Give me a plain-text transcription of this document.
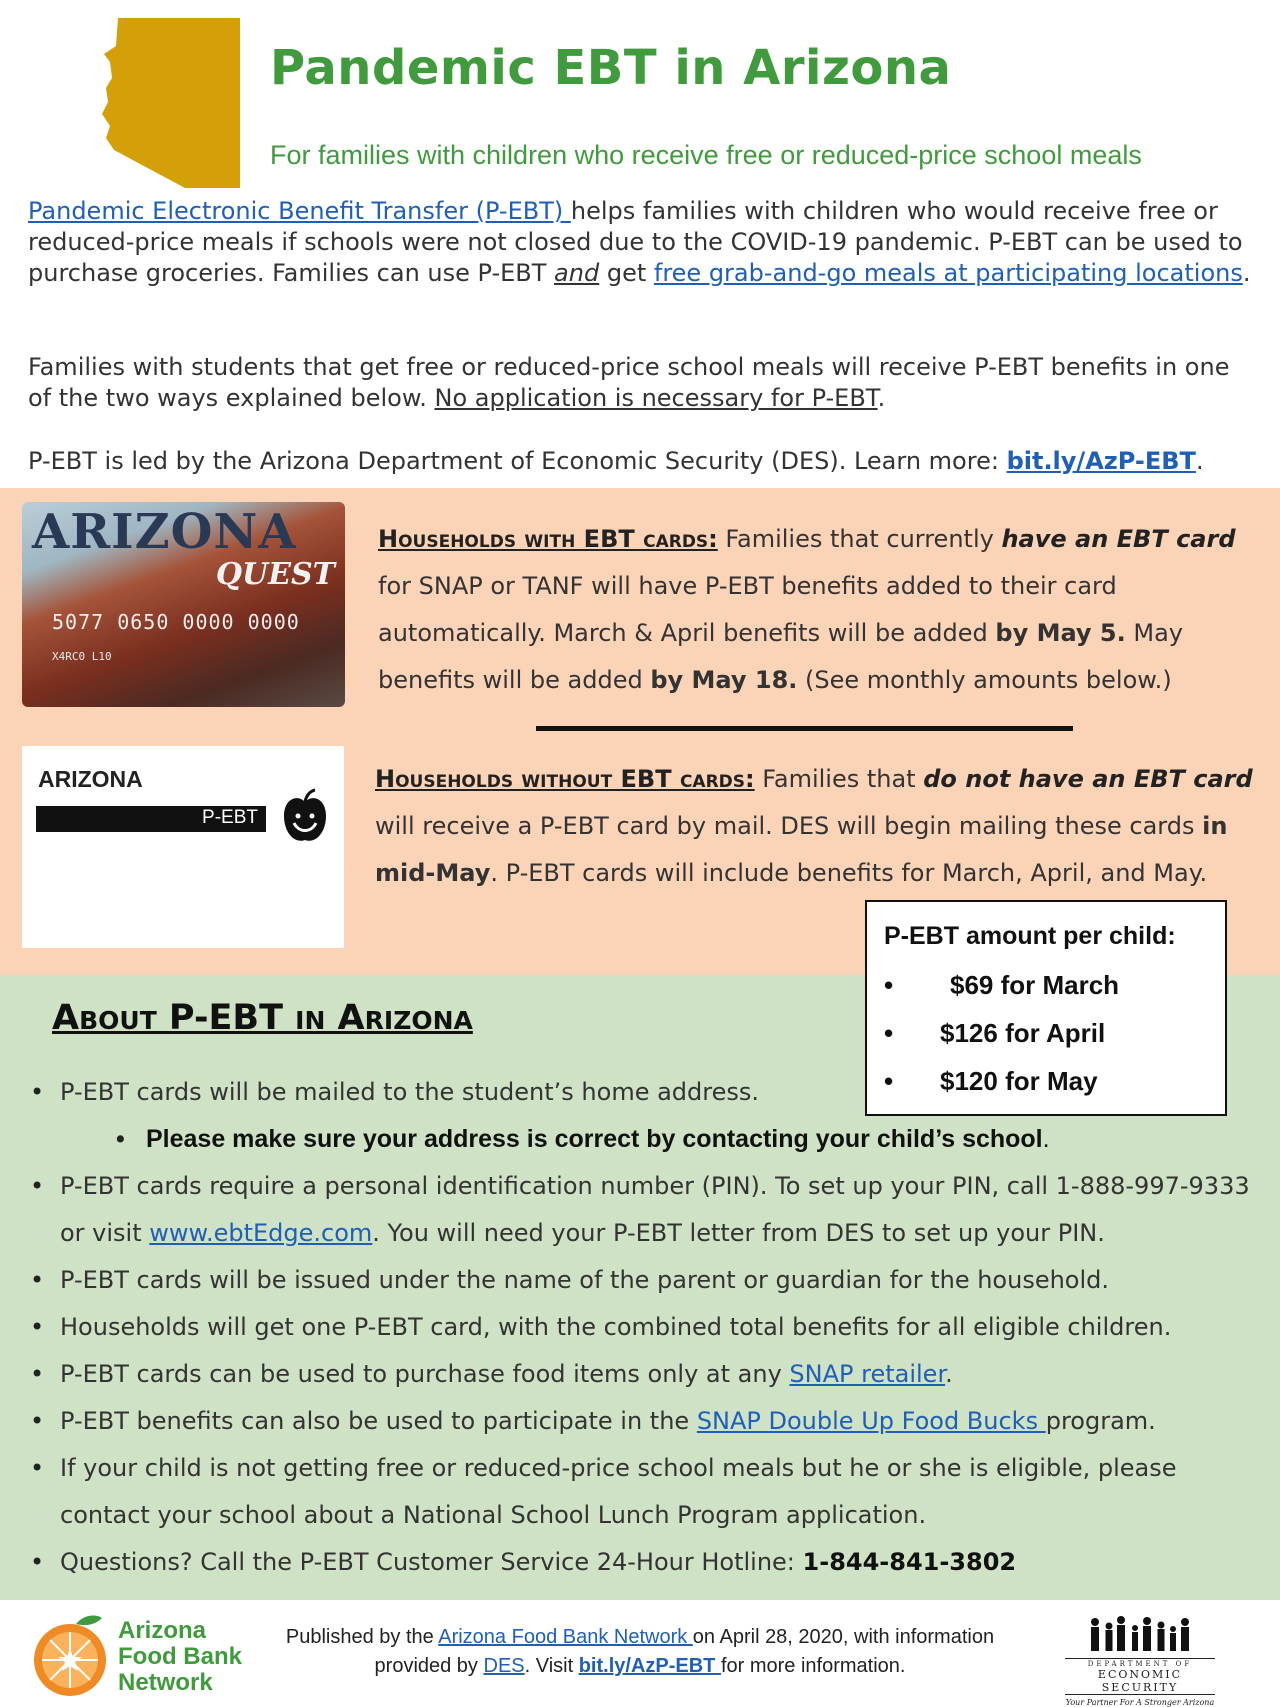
Pandemic EBT in Arizona
For families with children who receive free or reduced-price school meals
Pandemic Electronic Benefit Transfer (P-EBT) helps families with children who would receive free or reduced-price meals if schools were not closed due to the COVID-19 pandemic. P-EBT can be used to purchase groceries. Families can use P-EBT and get free grab-and-go meals at participating locations.
Families with students that get free or reduced-price school meals will receive P-EBT benefits in one of the two ways explained below. No application is necessary for P-EBT.
P-EBT is led by the Arizona Department of Economic Security (DES). Learn more: bit.ly/AzP-EBT.
ARIZONA
QUEST
5077 0650 0000 0000
X4RC0 L10
Households with EBT cards: Families that currently have an EBT card for SNAP or TANF will have P-EBT benefits added to their card automatically. March & April benefits will be added by May 5. May benefits will be added by May 18. (See monthly amounts below.)
ARIZONA
P-EBT
Households without EBT cards: Families that do not have an EBT card will receive a P-EBT card by mail. DES will begin mailing these cards in mid-May. P-EBT cards will include benefits for March, April, and May.
P-EBT amount per child:
• $69 for March
• $126 for April
• $120 for May
About P-EBT in Arizona
• P-EBT cards will be mailed to the student’s home address.
• Please make sure your address is correct by contacting your child’s school.
• P-EBT cards require a personal identification number (PIN). To set up your PIN, call 1-888-997-9333 or visit www.ebtEdge.com. You will need your P-EBT letter from DES to set up your PIN.
• P-EBT cards will be issued under the name of the parent or guardian for the household.
• Households will get one P-EBT card, with the combined total benefits for all eligible children.
• P-EBT cards can be used to purchase food items only at any SNAP retailer.
• P-EBT benefits can also be used to participate in the SNAP Double Up Food Bucks program.
• If your child is not getting free or reduced-price school meals but he or she is eligible, please contact your school about a National School Lunch Program application.
• Questions? Call the P-EBT Customer Service 24-Hour Hotline: 1-844-841-3802
Arizona
Food Bank
Network
Published by the Arizona Food Bank Network on April 28, 2020, with information provided by DES. Visit bit.ly/AzP-EBT for more information.	DEPARTMENT OF
ECONOMIC SECURITY
Your Partner For A Stronger Arizona
